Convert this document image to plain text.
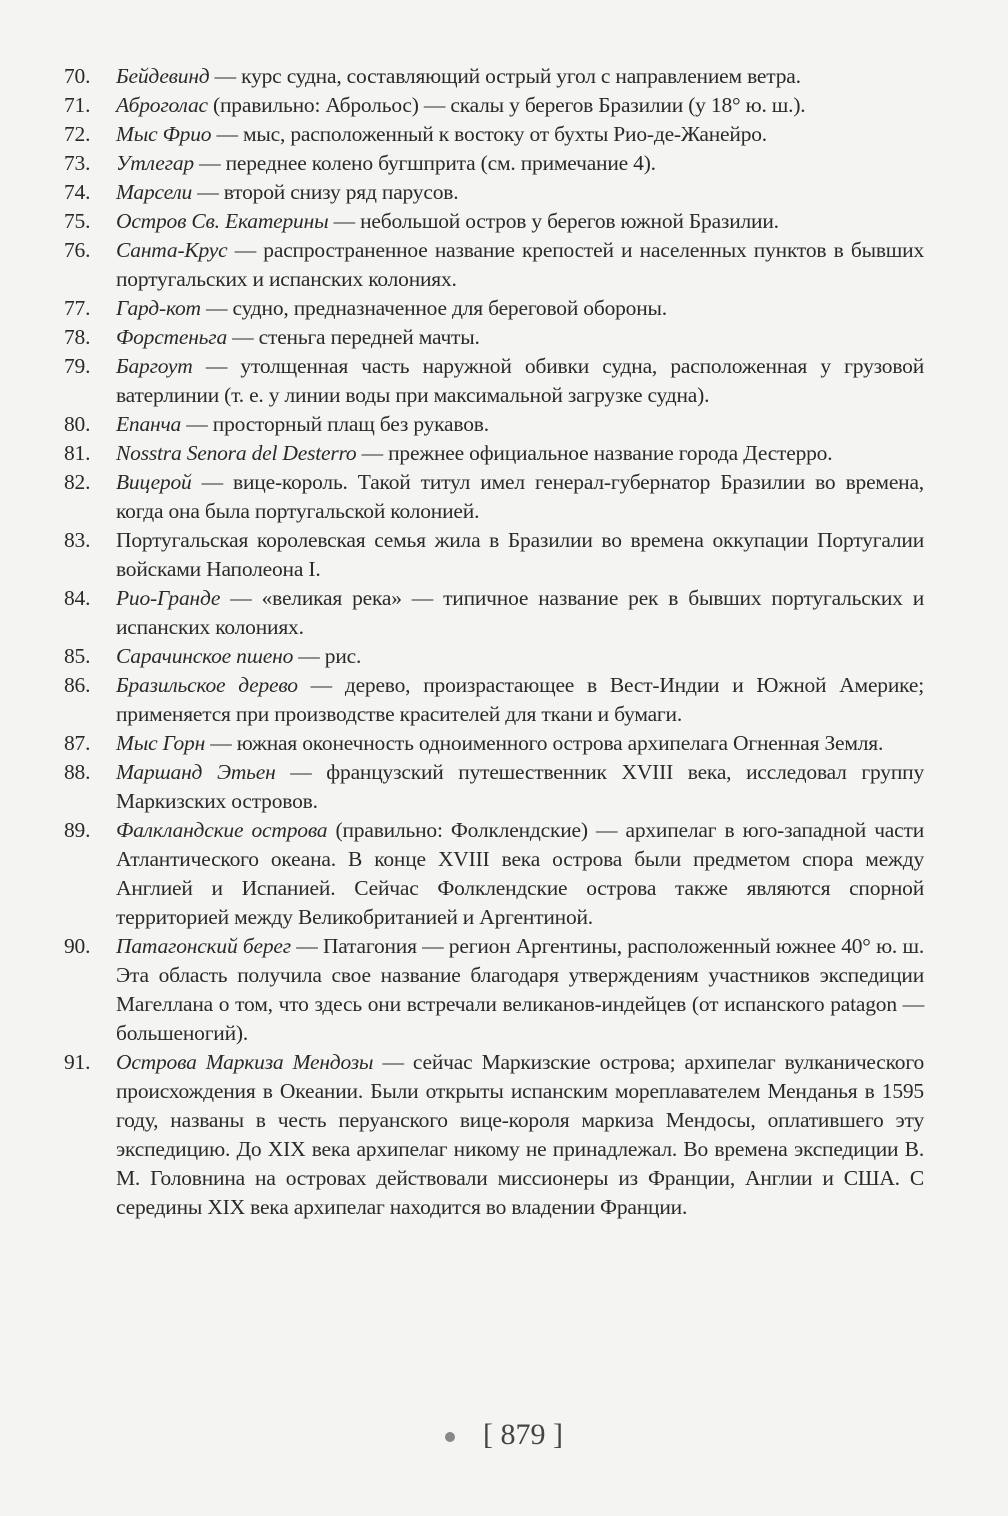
70. Бейдевинд — курс судна, составляющий острый угол с направлением ветра.
71. Аброголас (правильно: Аброльос) — скалы у берегов Бразилии (у 18° ю. ш.).
72. Мыс Фрио — мыс, расположенный к востоку от бухты Рио-де-Жанейро.
73. Утлегар — переднее колено бугшприта (см. примечание 4).
74. Марсели — второй снизу ряд парусов.
75. Остров Св. Екатерины — небольшой остров у берегов южной Бразилии.
76. Санта-Крус — распространенное название крепостей и населенных пунктов в бывших португальских и испанских колониях.
77. Гард-кот — судно, предназначенное для береговой обороны.
78. Форстеньга — стеньга передней мачты.
79. Баргоут — утолщенная часть наружной обивки судна, расположенная у грузовой ватерлинии (т. е. у линии воды при максимальной загрузке судна).
80. Епанча — просторный плащ без рукавов.
81. Nosstra Senora del Desterro — прежнее официальное название города Дестерро.
82. Вицерой — вице-король. Такой титул имел генерал-губернатор Бразилии во времена, когда она была португальской колонией.
83. Португальская королевская семья жила в Бразилии во времена оккупации Португалии войсками Наполеона I.
84. Рио-Гранде — «великая река» — типичное название рек в бывших португальских и испанских колониях.
85. Сарачинское пшено — рис.
86. Бразильское дерево — дерево, произрастающее в Вест-Индии и Южной Америке; применяется при производстве красителей для ткани и бумаги.
87. Мыс Горн — южная оконечность одноименного острова архипелага Огненная Земля.
88. Маршанд Этьен — французский путешественник XVIII века, исследовал группу Маркизских островов.
89. Фалкландские острова (правильно: Фолклендские) — архипелаг в юго-западной части Атлантического океана. В конце XVIII века острова были предметом спора между Англией и Испанией. Сейчас Фолклендские острова также являются спорной территорией между Великобританией и Аргентиной.
90. Патагонский берег — Патагония — регион Аргентины, расположенный южнее 40° ю. ш. Эта область получила свое название благодаря утверждениям участников экспедиции Магеллана о том, что здесь они встречали великанов-индейцев (от испанского patagon — большеногий).
91. Острова Маркиза Мендозы — сейчас Маркизские острова; архипелаг вулканического происхождения в Океании. Были открыты испанским мореплавателем Менданья в 1595 году, названы в честь перуанского вице-короля маркиза Мендосы, оплатившего эту экспедицию. До XIX века архипелаг никому не принадлежал. Во времена экспедиции В. М. Головнина на островах действовали миссионеры из Франции, Англии и США. С середины XIX века архипелаг находится во владении Франции.
[ 879 ]
